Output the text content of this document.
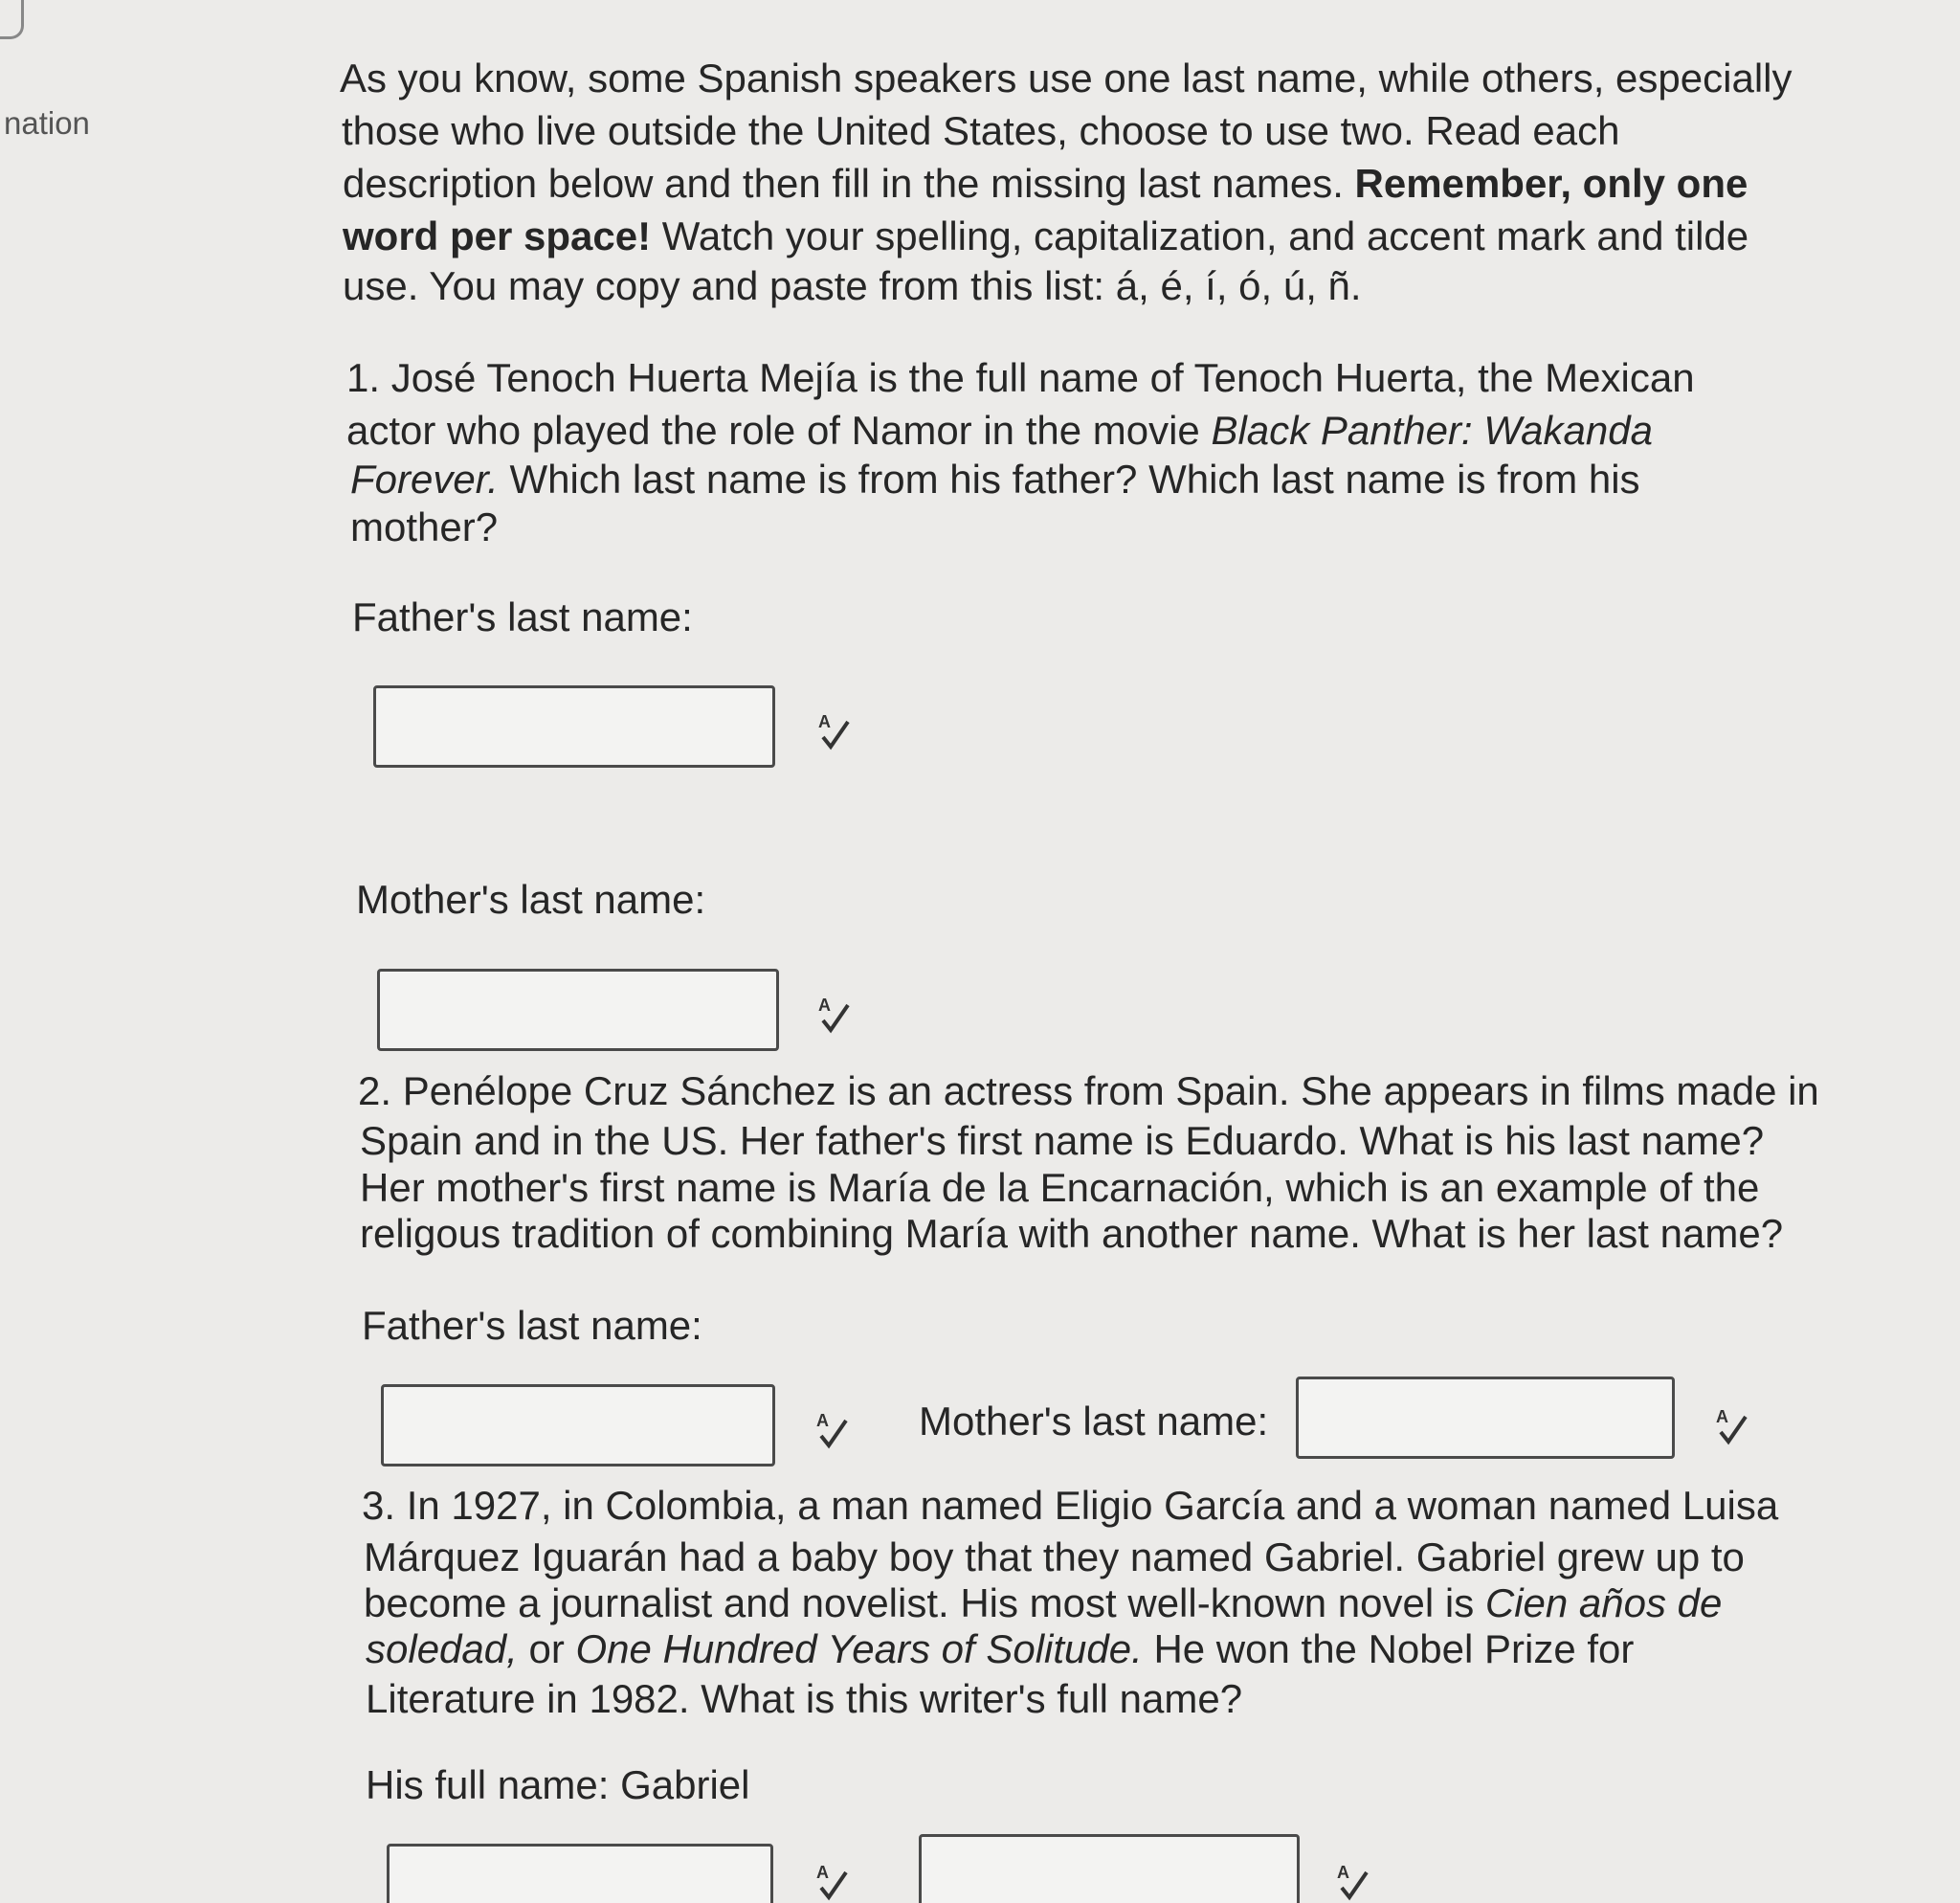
nation

As you know, some Spanish speakers use one last name, while others, especially

those who live outside the United States, choose to use two. Read each

description below and then fill in the missing last names. Remember, only one

word per space! Watch your spelling, capitalization, and accent mark and tilde

use. You may copy and paste from this list: á, é, í, ó, ú, ñ.

1. José Tenoch Huerta Mejía is the full name of Tenoch Huerta, the Mexican

actor who played the role of Namor in the movie Black Panther: Wakanda

Forever. Which last name is from his father? Which last name is from his

mother?

Father's last name:
A
Mother's last name:
A

2. Penélope Cruz Sánchez is an actress from Spain. She appears in films made in

Spain and in the US. Her father's first name is Eduardo. What is his last name?

Her mother's first name is María de la Encarnación, which is an example of the

religous tradition of combining María with another name. What is her last name?

Father's last name:
A Mother's last name:	A

3. In 1927, in Colombia, a man named Eligio García and a woman named Luisa

Márquez Iguarán had a baby boy that they named Gabriel. Gabriel grew up to

become a journalist and novelist. His most well-known novel is Cien años de

soledad, or One Hundred Years of Solitude. He won the Nobel Prize for

Literature in 1982. What is this writer's full name?

His full name: Gabriel
A	A
